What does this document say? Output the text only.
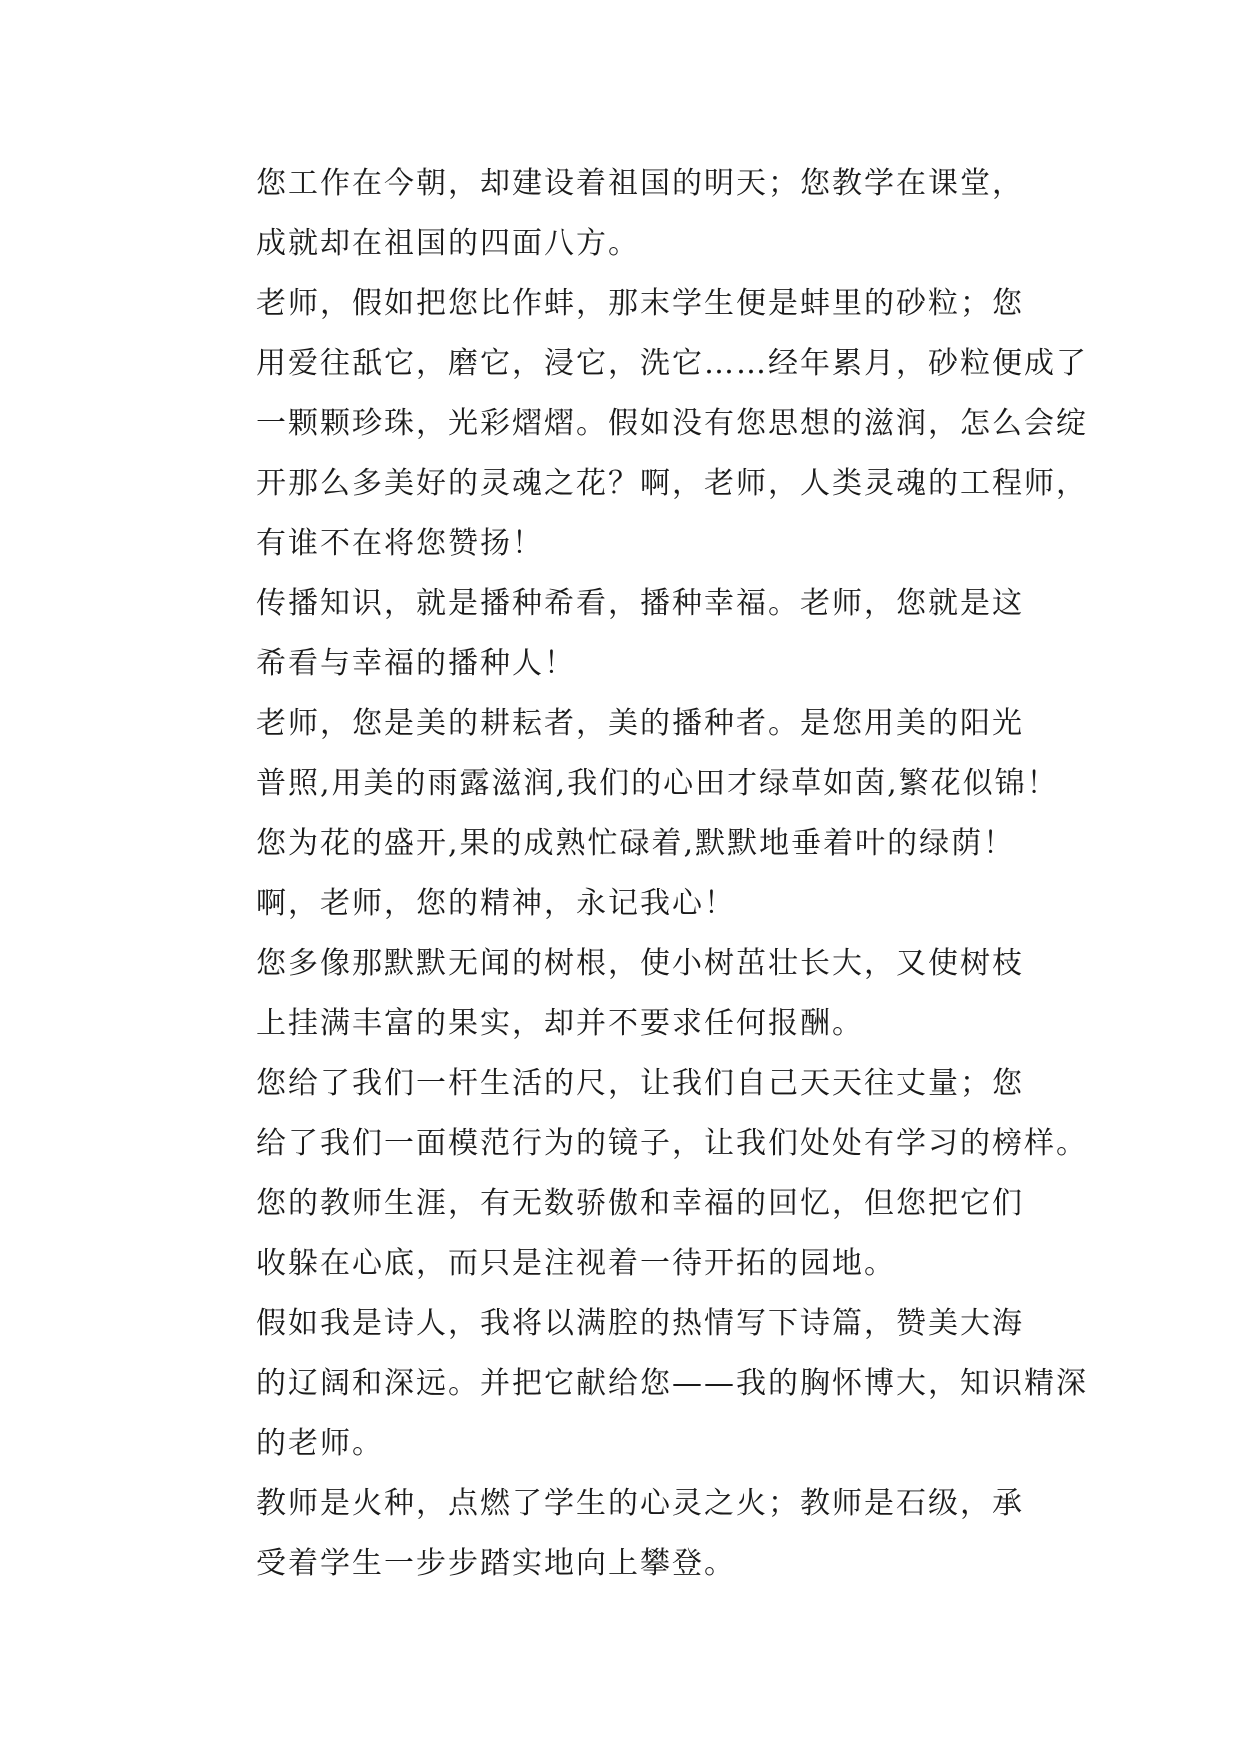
您工作在今朝，却建设着祖国的明天；您教学在课堂，
成就却在祖国的四面八方。

老师，假如把您比作蚌，那末学生便是蚌里的砂粒；您
用爱往舐它，磨它，浸它，洗它……经年累月，砂粒便成了
一颗颗珍珠，光彩熠熠。假如没有您思想的滋润，怎么会绽
开那么多美好的灵魂之花？啊，老师，人类灵魂的工程师，
有谁不在将您赞扬！

传播知识，就是播种希看，播种幸福。老师，您就是这
希看与幸福的播种人！

老师，您是美的耕耘者，美的播种者。是您用美的阳光
普照,用美的雨露滋润,我们的心田才绿草如茵,繁花似锦！

您为花的盛开,果的成熟忙碌着,默默地垂着叶的绿荫！
啊，老师，您的精神，永记我心！

您多像那默默无闻的树根，使小树茁壮长大，又使树枝
上挂满丰富的果实，却并不要求任何报酬。

您给了我们一杆生活的尺，让我们自己天天往丈量；您
给了我们一面模范行为的镜子，让我们处处有学习的榜样。

您的教师生涯，有无数骄傲和幸福的回忆，但您把它们
收躲在心底，而只是注视着一待开拓的园地。

假如我是诗人，我将以满腔的热情写下诗篇，赞美大海
的辽阔和深远。并把它献给您——我的胸怀博大，知识精深
的老师。

教师是火种，点燃了学生的心灵之火；教师是石级，承
受着学生一步步踏实地向上攀登。
